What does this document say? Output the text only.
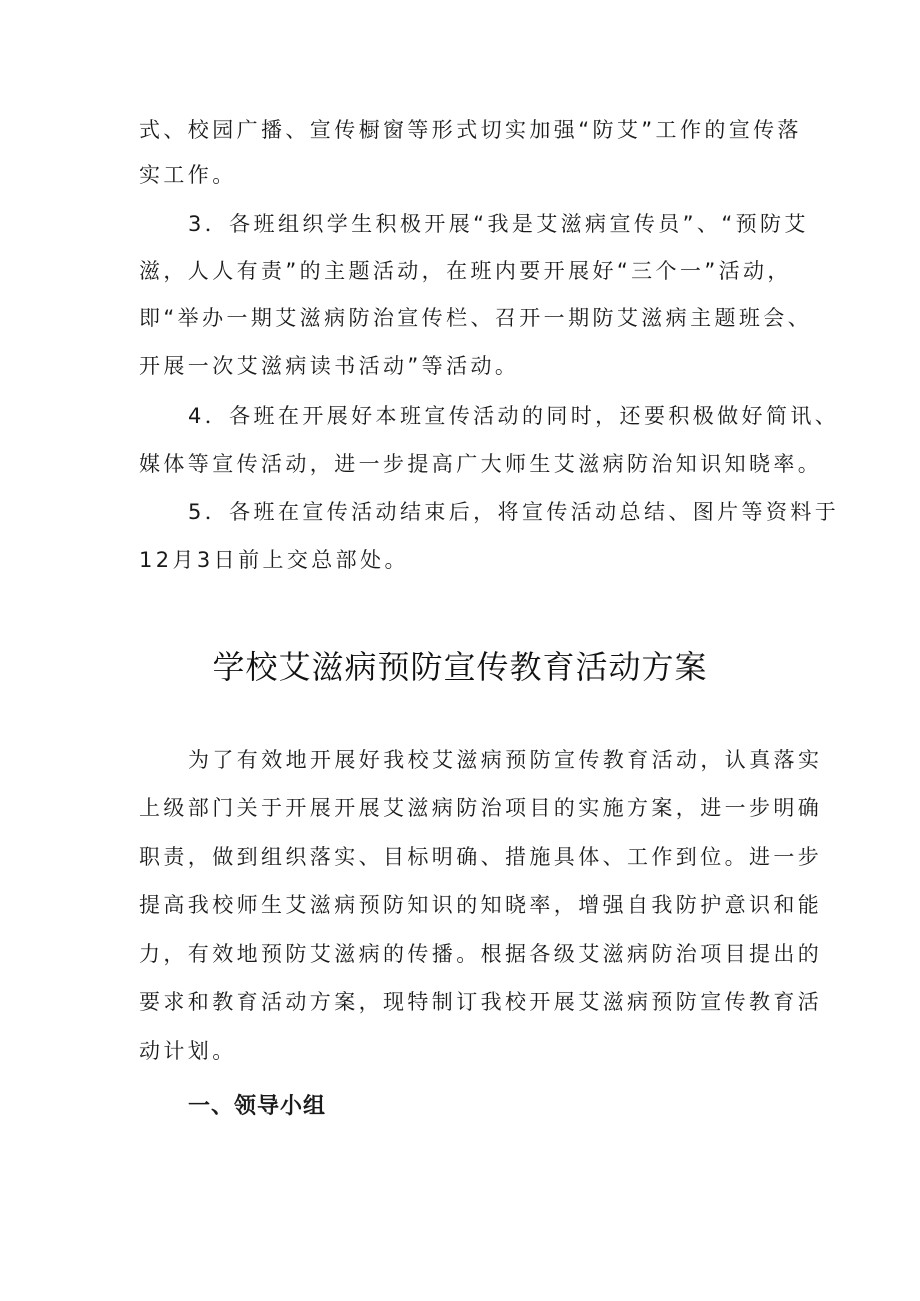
式、校园广播、宣传橱窗等形式切实加强“防艾”工作的宣传落
实工作。
3．各班组织学生积极开展“我是艾滋病宣传员”、“预防艾
滋，人人有责”的主题活动，在班内要开展好“三个一”活动，
即“举办一期艾滋病防治宣传栏、召开一期防艾滋病主题班会、
开展一次艾滋病读书活动”等活动。
4．各班在开展好本班宣传活动的同时，还要积极做好简讯、
媒体等宣传活动，进一步提高广大师生艾滋病防治知识知晓率。
5．各班在宣传活动结束后，将宣传活动总结、图片等资料于
12月3日前上交总部处。
学校艾滋病预防宣传教育活动方案
为了有效地开展好我校艾滋病预防宣传教育活动，认真落实
上级部门关于开展开展艾滋病防治项目的实施方案，进一步明确
职责，做到组织落实、目标明确、措施具体、工作到位。进一步
提高我校师生艾滋病预防知识的知晓率，增强自我防护意识和能
力，有效地预防艾滋病的传播。根据各级艾滋病防治项目提出的
要求和教育活动方案，现特制订我校开展艾滋病预防宣传教育活
动计划。
一、领导小组
